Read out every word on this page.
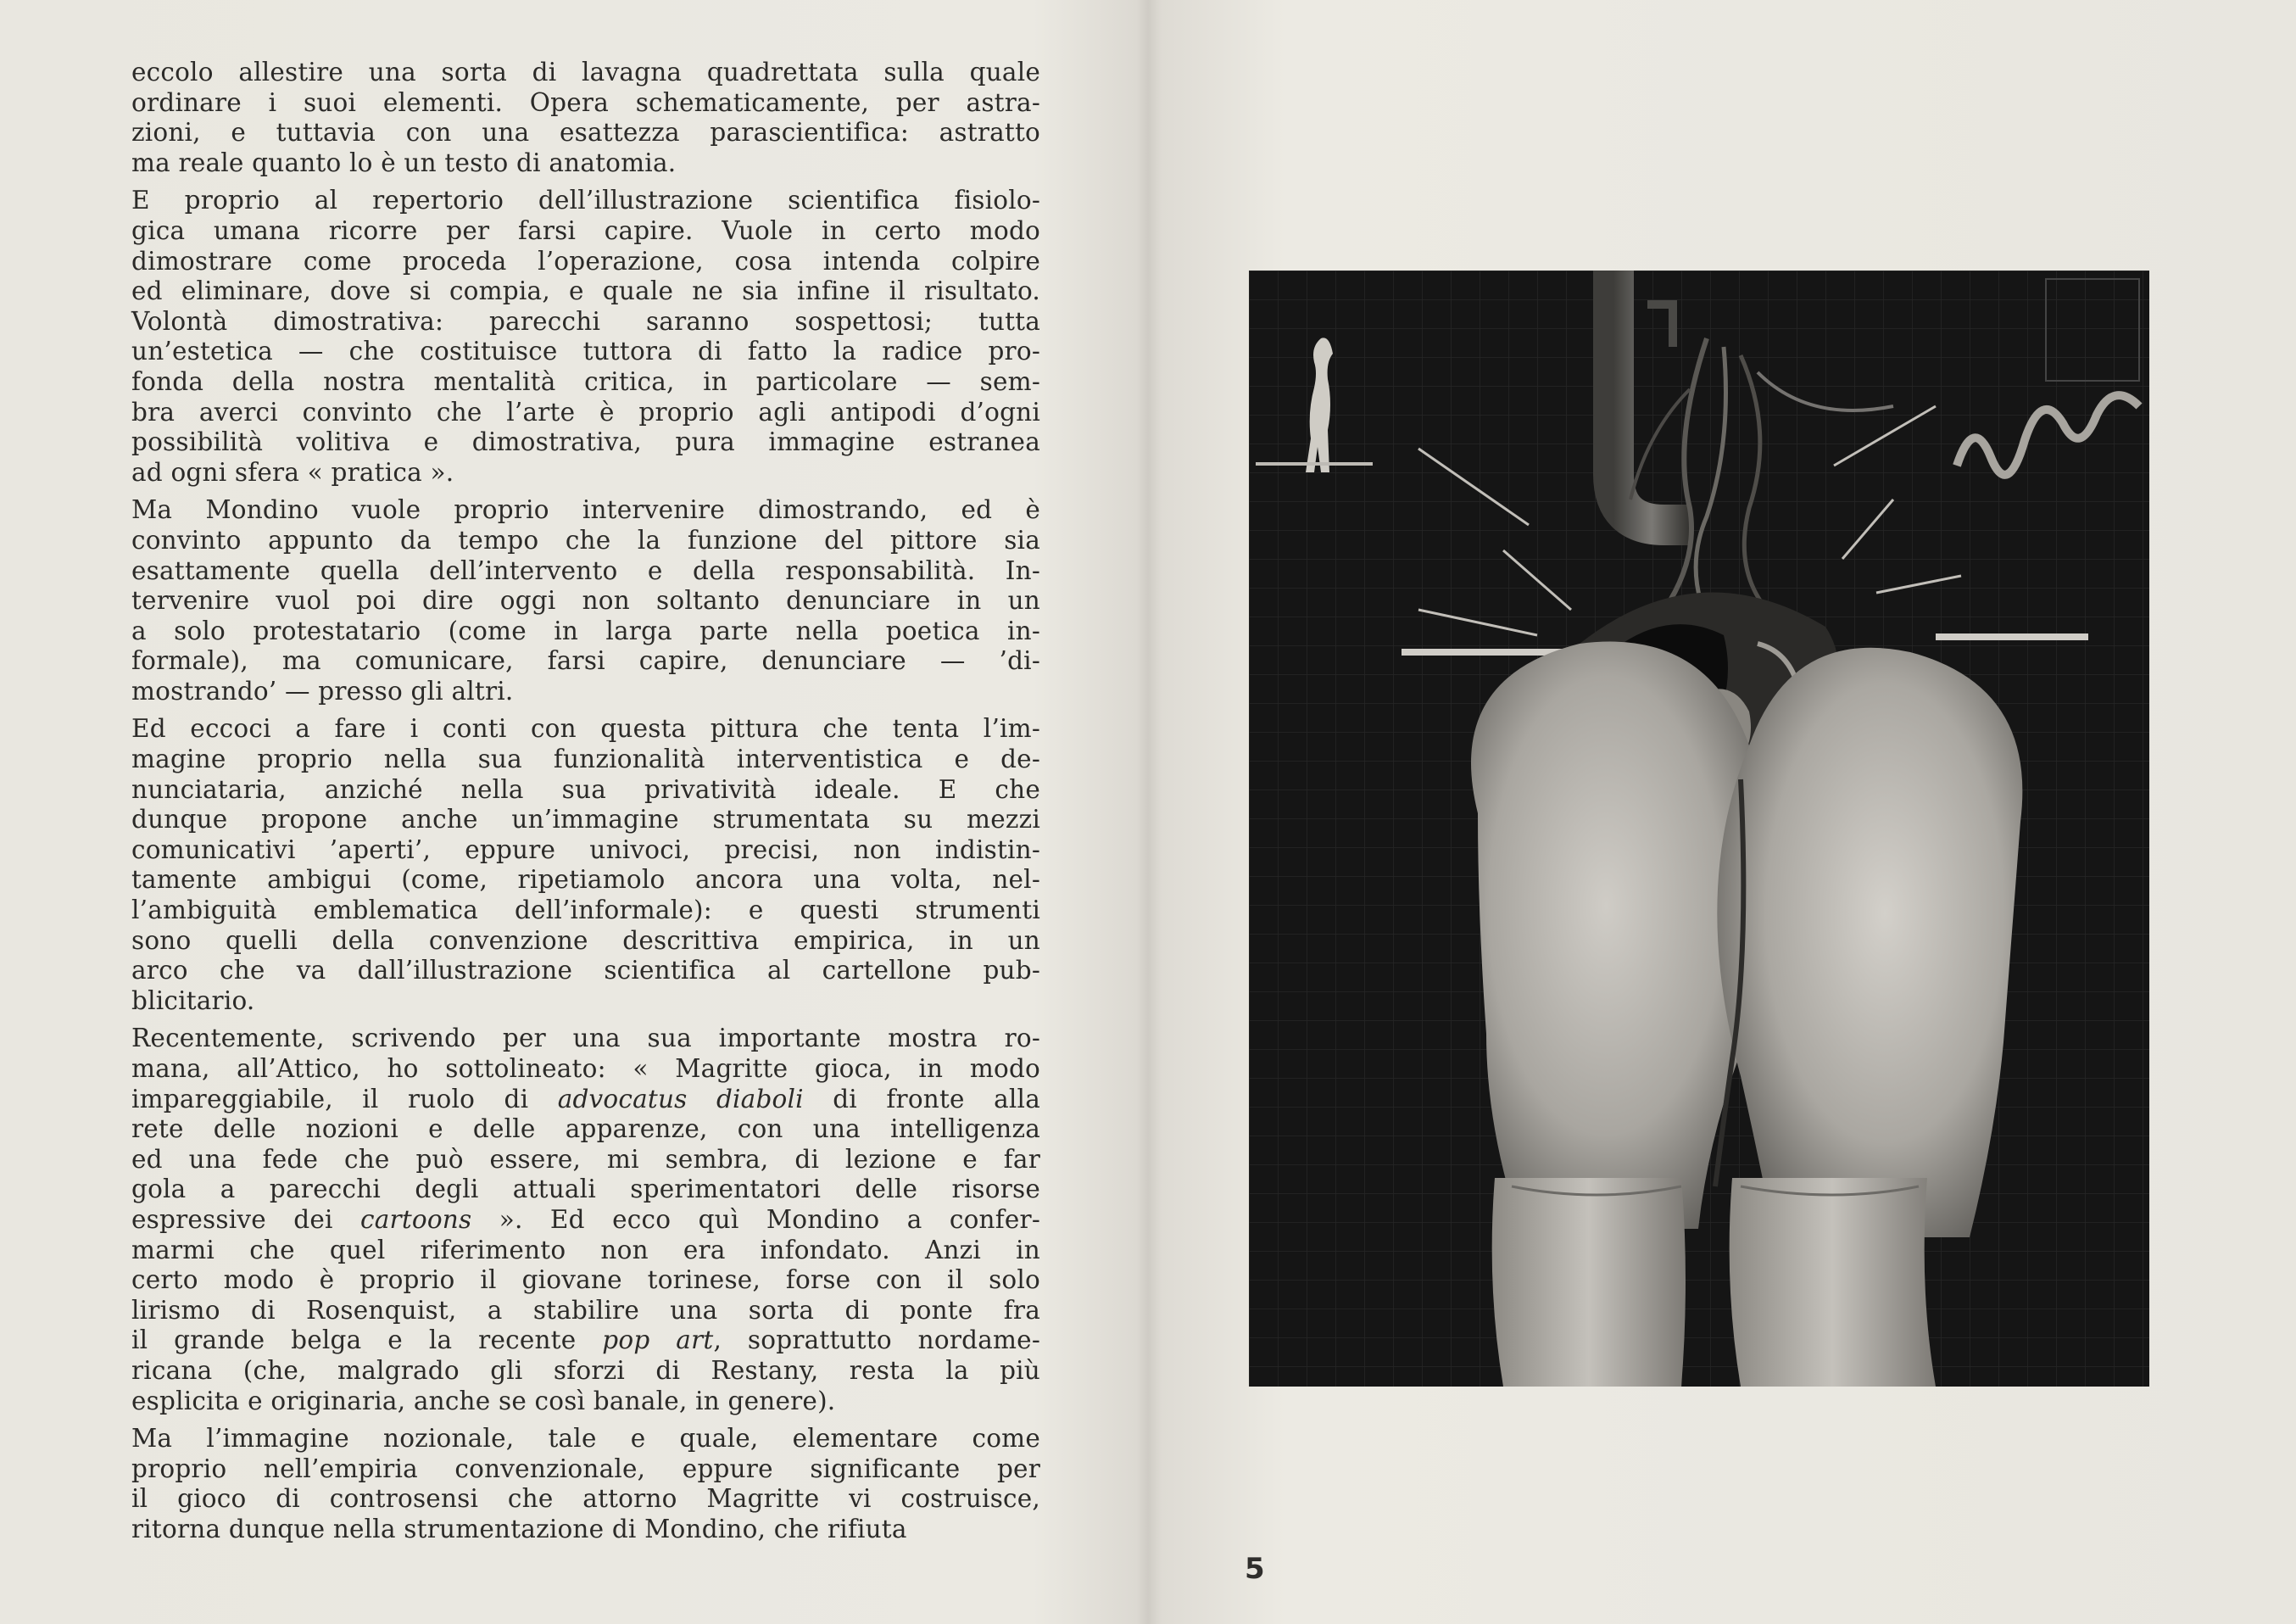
eccolo allestire una sorta di lavagna quadrettata sulla quale
ordinare i suoi elementi. Opera schematicamente, per astra-
zioni, e tuttavia con una esattezza parascientifica: astratto
ma reale quanto lo è un testo di anatomia.

E proprio al repertorio dell’illustrazione scientifica fisiolo-
gica umana ricorre per farsi capire. Vuole in certo modo
dimostrare come proceda l’operazione, cosa intenda colpire
ed eliminare, dove si compia, e quale ne sia infine il risultato.
Volontà dimostrativa: parecchi saranno sospettosi; tutta
un’estetica — che costituisce tuttora di fatto la radice pro-
fonda della nostra mentalità critica, in particolare — sem-
bra averci convinto che l’arte è proprio agli antipodi d’ogni
possibilità volitiva e dimostrativa, pura immagine estranea
ad ogni sfera « pratica ».

Ma Mondino vuole proprio intervenire dimostrando, ed è
convinto appunto da tempo che la funzione del pittore sia
esattamente quella dell’intervento e della responsabilità. In-
tervenire vuol poi dire oggi non soltanto denunciare in un
a solo protestatario (come in larga parte nella poetica in-
formale), ma comunicare, farsi capire, denunciare — ’di-
mostrando’ — presso gli altri.

Ed eccoci a fare i conti con questa pittura che tenta l’im-
magine proprio nella sua funzionalità interventistica e de-
nunciataria, anziché nella sua privatività ideale. E che
dunque propone anche un’immagine strumentata su mezzi
comunicativi ’aperti’, eppure univoci, precisi, non indistin-
tamente ambigui (come, ripetiamolo ancora una volta, nel-
l’ambiguità emblematica dell’informale): e questi strumenti
sono quelli della convenzione descrittiva empirica, in un
arco che va dall’illustrazione scientifica al cartellone pub-
blicitario.

Recentemente, scrivendo per una sua importante mostra ro-
mana, all’Attico, ho sottolineato: « Magritte gioca, in modo
impareggiabile, il ruolo di advocatus diaboli di fronte alla
rete delle nozioni e delle apparenze, con una intelligenza
ed una fede che può essere, mi sembra, di lezione e far
gola a parecchi degli attuali sperimentatori delle risorse
espressive dei cartoons ». Ed ecco quì Mondino a confer-
marmi che quel riferimento non era infondato. Anzi in
certo modo è proprio il giovane torinese, forse con il solo
lirismo di Rosenquist, a stabilire una sorta di ponte fra
il grande belga e la recente pop art, soprattutto nordame-
ricana (che, malgrado gli sforzi di Restany, resta la più
esplicita e originaria, anche se così banale, in genere).

Ma l’immagine nozionale, tale e quale, elementare come
proprio nell’empiria convenzionale, eppure significante per
il gioco di controsensi che attorno Magritte vi costruisce,
ritorna dunque nella strumentazione di Mondino, che rifiuta

5
